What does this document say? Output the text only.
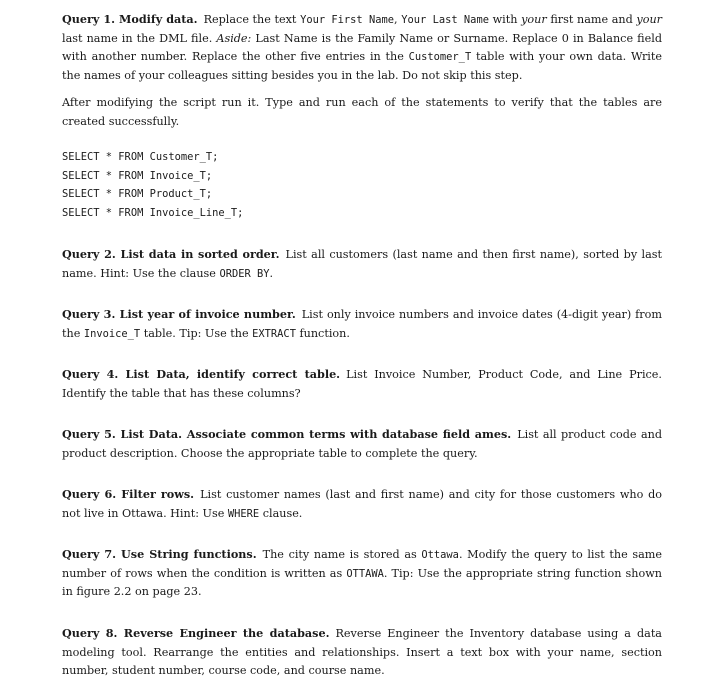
Query 1. Modify data. Replace the text Your First Name, Your Last Name with your first name and your last name in the DML file. Aside: Last Name is the Family Name or Surname. Replace 0 in Balance field with another number. Replace the other five entries in the Customer_T table with your own data. Write the names of your colleagues sitting besides you in the lab. Do not skip this step.

After modifying the script run it. Type and run each of the statements to verify that the tables are created successfully.

SELECT * FROM Customer_T;
SELECT * FROM Invoice_T;
SELECT * FROM Product_T;
SELECT * FROM Invoice_Line_T;

Query 2. List data in sorted order. List all customers (last name and then first name), sorted by last name. Hint: Use the clause ORDER BY.

Query 3. List year of invoice number. List only invoice numbers and invoice dates (4-digit year) from the Invoice_T table. Tip: Use the EXTRACT function.

Query 4. List Data, identify correct table. List Invoice Number, Product Code, and Line Price. Identify the table that has these columns?

Query 5. List Data. Associate common terms with database field ames. List all product code and product description. Choose the appropriate table to complete the query.

Query 6. Filter rows. List customer names (last and first name) and city for those customers who do not live in Ottawa. Hint: Use WHERE clause.

Query 7. Use String functions. The city name is stored as Ottawa. Modify the query to list the same number of rows when the condition is written as OTTAWA. Tip: Use the appropriate string function shown in figure 2.2 on page 23.

Query 8. Reverse Engineer the database. Reverse Engineer the Inventory database using a data modeling tool. Rearrange the entities and relationships. Insert a text box with your name, section number, student number, course code, and course name.
